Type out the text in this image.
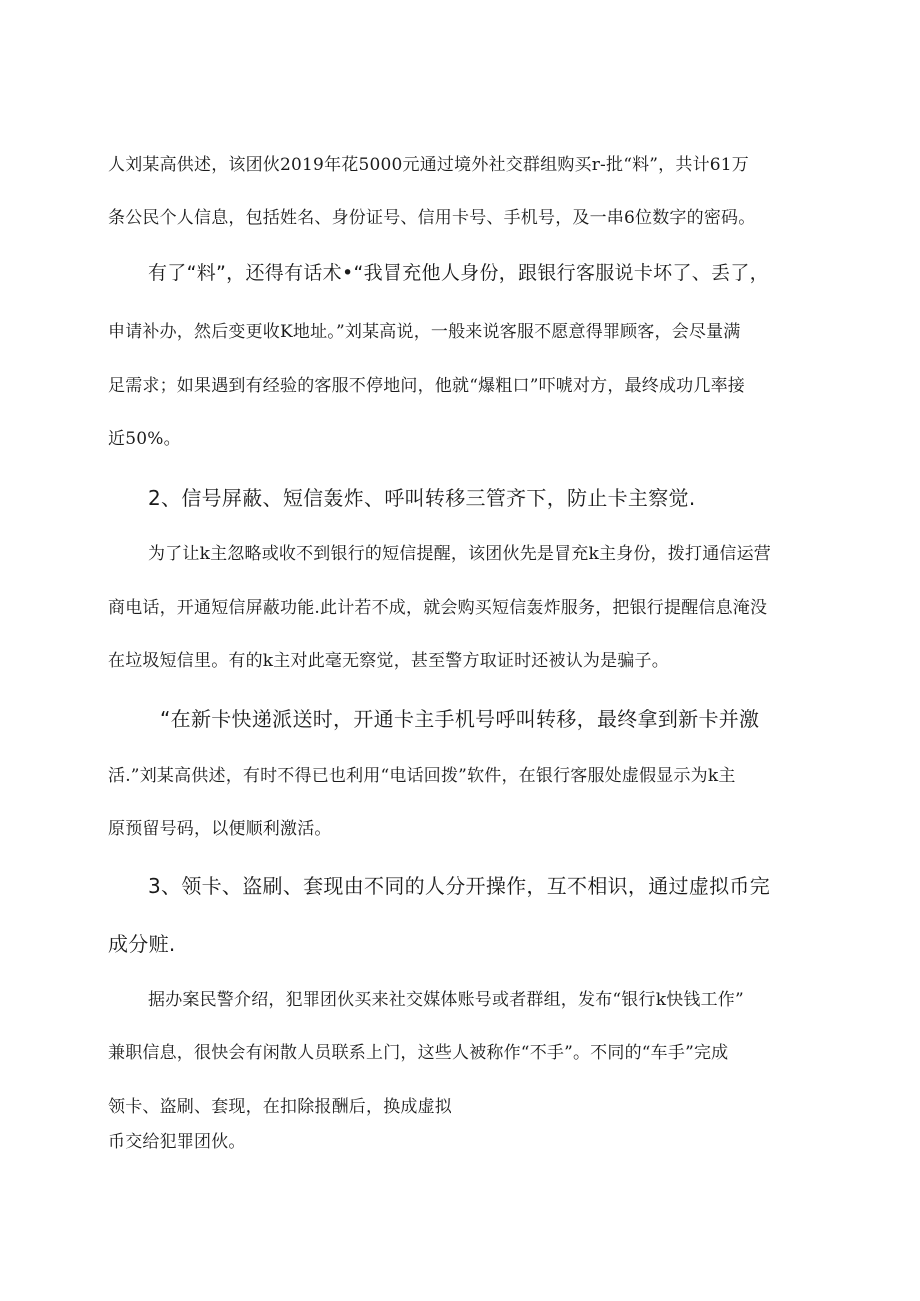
人刘某高供述，该团伙2019年花5000元通过境外社交群组购买r-批“料”，共计61万
条公民个人信息，包括姓名、身份证号、信用卡号、手机号，及一串6位数字的密码。
有了“料”，还得有话术•“我冒充他人身份，跟银行客服说卡坏了、丢了，
申请补办，然后变更收K地址。”刘某高说，一般来说客服不愿意得罪顾客，会尽量满
足需求；如果遇到有经验的客服不停地问，他就“爆粗口”吓唬对方，最终成功几率接
近50%。
2、信号屏蔽、短信轰炸、呼叫转移三管齐下，防止卡主察觉.
为了让k主忽略或收不到银行的短信提醒，该团伙先是冒充k主身份，拨打通信运营
商电话，开通短信屏蔽功能.此计若不成，就会购买短信轰炸服务，把银行提醒信息淹没
在垃圾短信里。有的k主对此毫无察觉，甚至警方取证时还被认为是骗子。
“在新卡快递派送时，开通卡主手机号呼叫转移，最终拿到新卡并激
活.”刘某高供述，有时不得已也利用“电话回拨”软件，在银行客服处虚假显示为k主
原预留号码，以便顺利激活。
3、领卡、盗刷、套现由不同的人分开操作，互不相识，通过虚拟币完
成分赃.
据办案民警介绍，犯罪团伙买来社交媒体账号或者群组，发布“银行k快钱工作”
兼职信息，很快会有闲散人员联系上门，这些人被称作“不手”。不同的“车手”完成
领卡、盗刷、套现，在扣除报酬后，换成虚拟
币交给犯罪团伙。
